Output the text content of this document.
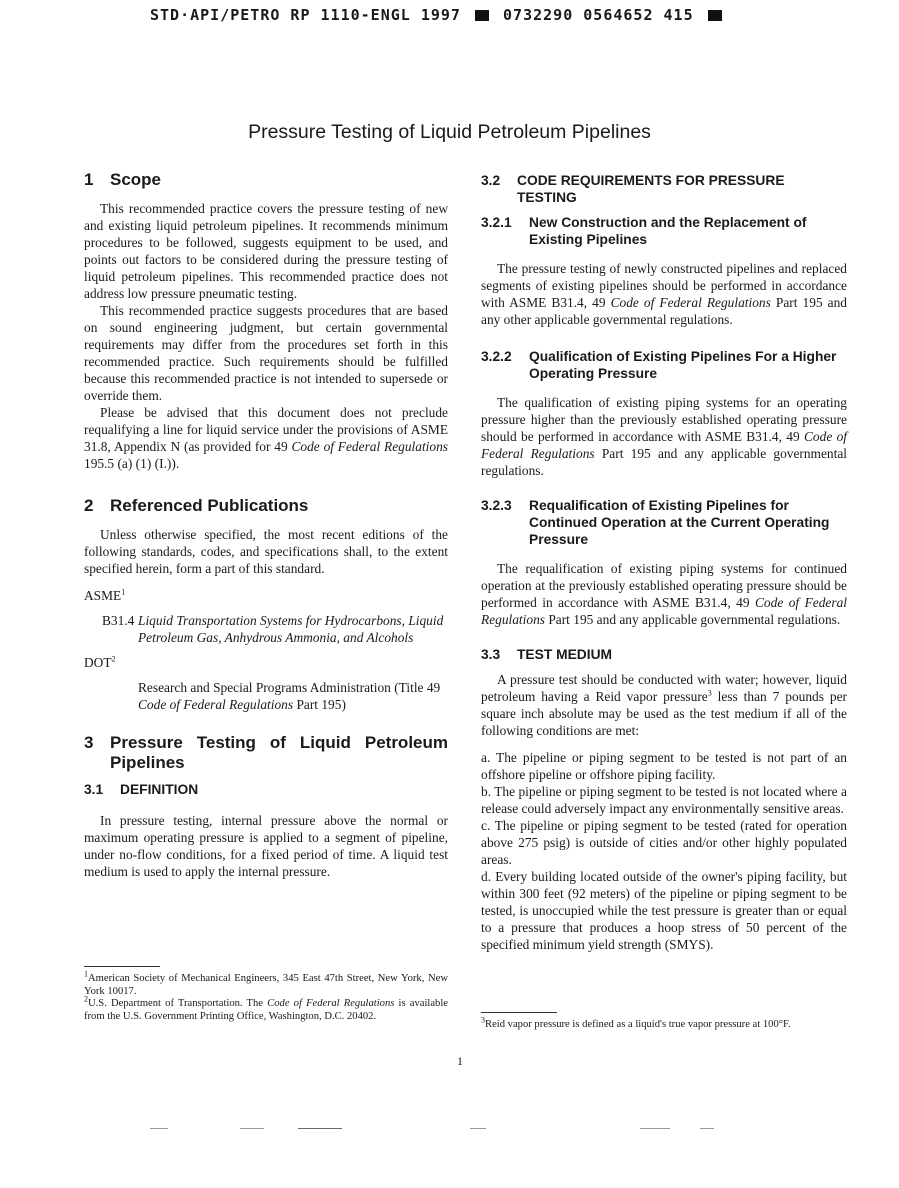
STD·API/PETRO RP 1110-ENGL 1997	0732290 0564652 415
Pressure Testing of Liquid Petroleum Pipelines
1 Scope

This recommended practice covers the pressure testing of new and existing liquid petroleum pipelines. It recommends minimum procedures to be followed, suggests equipment to be used, and points out factors to be considered during the pressure testing of liquid petroleum pipelines. This recommended practice does not address low pressure pneumatic testing.

This recommended practice suggests procedures that are based on sound engineering judgment, but certain governmental requirements may differ from the procedures set forth in this recommended practice. Such requirements should be fulfilled because this recommended practice is not intended to supersede or override them.

Please be advised that this document does not preclude requalifying a line for liquid service under the provisions of ASME 31.8, Appendix N (as provided for 49 Code of Federal Regulations 195.5 (a) (1) (I.)).

2 Referenced Publications

Unless otherwise specified, the most recent editions of the following standards, codes, and specifications shall, to the extent specified herein, form a part of this standard.

ASME$^1$
B31.4 Liquid Transportation Systems for Hydrocarbons, Liquid Petroleum Gas, Anhydrous Ammonia, and Alcohols
DOT$^2$
Research and Special Programs Administration (Title 49 Code of Federal Regulations Part 195)
3 Pressure Testing of Liquid Petroleum Pipelines
3.1	DEFINITION

In pressure testing, internal pressure above the normal or maximum operating pressure is applied to a segment of pipeline, under no-flow conditions, for a fixed period of time. A liquid test medium is used to apply the internal pressure.

$^1$American Society of Mechanical Engineers, 345 East 47th Street, New York, New York 10017.

$^2$U.S. Department of Transportation. The Code of Federal Regulations is available from the U.S. Government Printing Office, Washington, D.C. 20402.

3.2	CODE REQUIREMENTS FOR PRESSURE TESTING
3.2.1	New Construction and the Replacement of Existing Pipelines

The pressure testing of newly constructed pipelines and replaced segments of existing pipelines should be performed in accordance with ASME B31.4, 49 Code of Federal Regulations Part 195 and any other applicable governmental regulations.

3.2.2	Qualification of Existing Pipelines For a Higher Operating Pressure

The qualification of existing piping systems for an operating pressure higher than the previously established operating pressure should be performed in accordance with ASME B31.4, 49 Code of Federal Regulations Part 195 and any applicable governmental regulations.

3.2.3	Requalification of Existing Pipelines for Continued Operation at the Current Operating Pressure

The requalification of existing piping systems for continued operation at the previously established operating pressure should be performed in accordance with ASME B31.4, 49 Code of Federal Regulations Part 195 and any applicable governmental regulations.

3.3	TEST MEDIUM

A pressure test should be conducted with water; however, liquid petroleum having a Reid vapor pressure$^3$ less than 7 pounds per square inch absolute may be used as the test medium if all of the following conditions are met:

a. The pipeline or piping segment to be tested is not part of an offshore pipeline or offshore piping facility.

b. The pipeline or piping segment to be tested is not located where a release could adversely impact any environmentally sensitive areas.

c. The pipeline or piping segment to be tested (rated for operation above 275 psig) is outside of cities and/or other highly populated areas.

d. Every building located outside of the owner's piping facility, but within 300 feet (92 meters) of the pipeline or piping segment to be tested, is unoccupied while the test pressure is greater than or equal to a pressure that produces a hoop stress of 50 percent of the specified minimum yield strength (SMYS).

$^3$Reid vapor pressure is defined as a liquid's true vapor pressure at 100°F.

1
